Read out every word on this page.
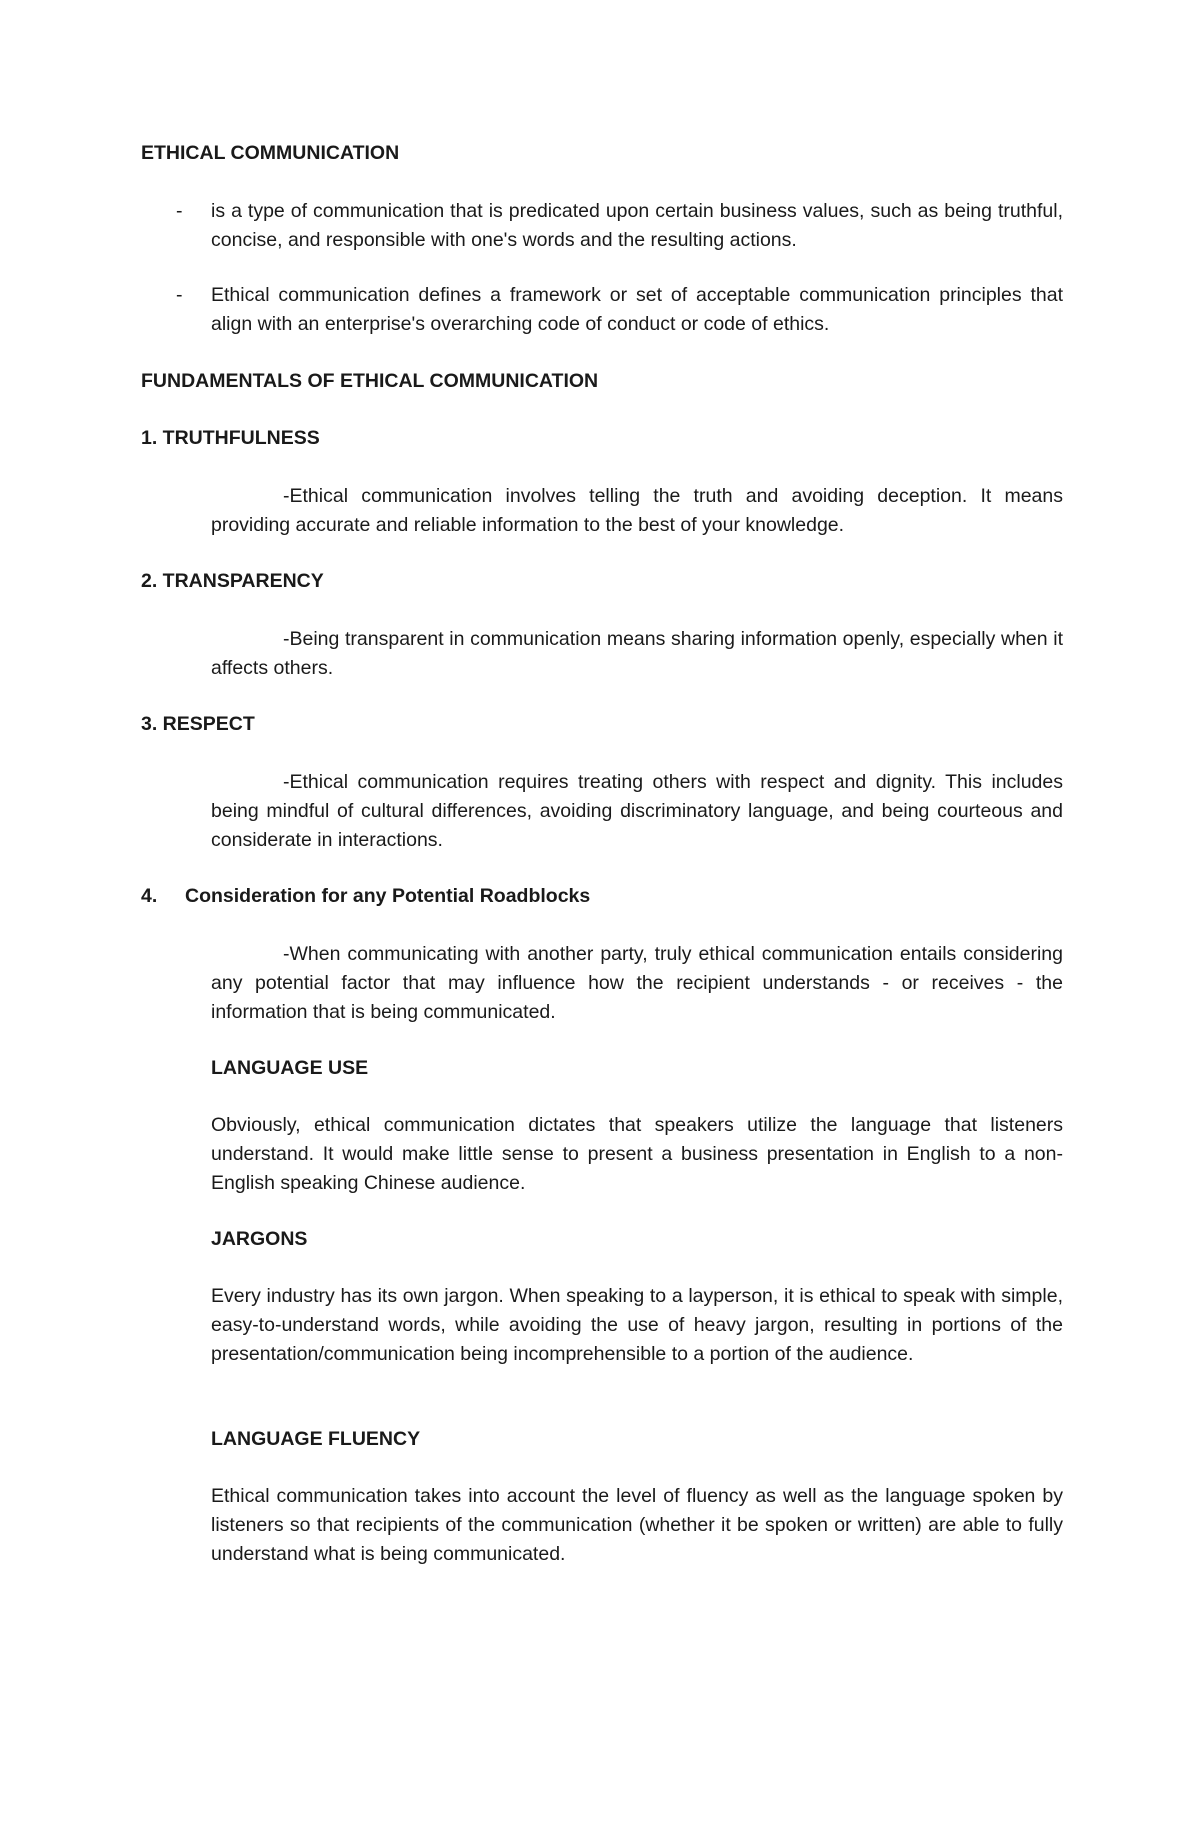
ETHICAL COMMUNICATION
-	is a type of communication that is predicated upon certain business values, such as being truthful, concise, and responsible with one's words and the resulting actions.
-	Ethical communication defines a framework or set of acceptable communication principles that align with an enterprise's overarching code of conduct or code of ethics.
FUNDAMENTALS OF ETHICAL COMMUNICATION
1. TRUTHFULNESS
-Ethical communication involves telling the truth and avoiding deception. It means providing accurate and reliable information to the best of your knowledge.
2. TRANSPARENCY
-Being transparent in communication means sharing information openly, especially when it affects others.
3. RESPECT
-Ethical communication requires treating others with respect and dignity. This includes being mindful of cultural differences, avoiding discriminatory language, and being courteous and considerate in interactions.
4. Consideration for any Potential Roadblocks
-When communicating with another party, truly ethical communication entails considering any potential factor that may influence how the recipient understands - or receives - the information that is being communicated.
LANGUAGE USE
Obviously, ethical communication dictates that speakers utilize the language that listeners understand. It would make little sense to present a business presentation in English to a non-English speaking Chinese audience.
JARGONS
Every industry has its own jargon. When speaking to a layperson, it is ethical to speak with simple, easy-to-understand words, while avoiding the use of heavy jargon, resulting in portions of the presentation/communication being incomprehensible to a portion of the audience.
LANGUAGE FLUENCY
Ethical communication takes into account the level of fluency as well as the language spoken by listeners so that recipients of the communication (whether it be spoken or written) are able to fully understand what is being communicated.
